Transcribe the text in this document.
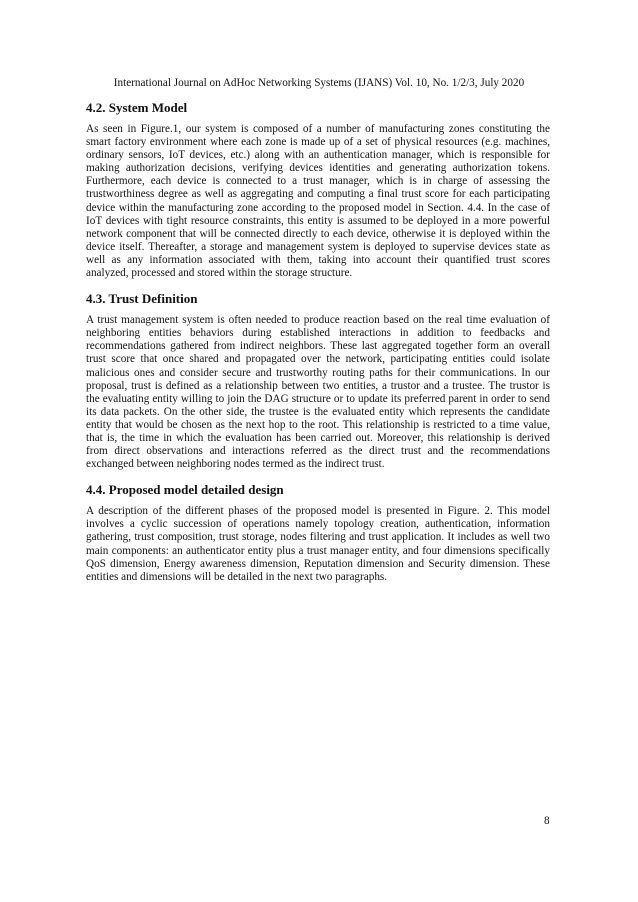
International Journal on AdHoc Networking Systems (IJANS) Vol. 10, No. 1/2/3, July 2020
4.2. System Model

As seen in Figure.1, our system is composed of a number of manufacturing zones constituting the smart factory environment where each zone is made up of a set of physical resources (e.g. machines, ordinary sensors, IoT devices, etc.) along with an authentication manager, which is responsible for making authorization decisions, verifying devices identities and generating authorization tokens. Furthermore, each device is connected to a trust manager, which is in charge of assessing the trustworthiness degree as well as aggregating and computing a final trust score for each participating device within the manufacturing zone according to the proposed model in Section. 4.4. In the case of IoT devices with tight resource constraints, this entity is assumed to be deployed in a more powerful network component that will be connected directly to each device, otherwise it is deployed within the device itself. Thereafter, a storage and management system is deployed to supervise devices state as well as any information associated with them, taking into account their quantified trust scores analyzed, processed and stored within the storage structure.

4.3. Trust Definition

A trust management system is often needed to produce reaction based on the real time evaluation of neighboring entities behaviors during established interactions in addition to feedbacks and recommendations gathered from indirect neighbors. These last aggregated together form an overall trust score that once shared and propagated over the network, participating entities could isolate malicious ones and consider secure and trustworthy routing paths for their communications. In our proposal, trust is defined as a relationship between two entities, a trustor and a trustee. The trustor is the evaluating entity willing to join the DAG structure or to update its preferred parent in order to send its data packets. On the other side, the trustee is the evaluated entity which represents the candidate entity that would be chosen as the next hop to the root. This relationship is restricted to a time value, that is, the time in which the evaluation has been carried out. Moreover, this relationship is derived from direct observations and interactions referred as the direct trust and the recommendations exchanged between neighboring nodes termed as the indirect trust.

4.4. Proposed model detailed design

A description of the different phases of the proposed model is presented in Figure. 2. This model involves a cyclic succession of operations namely topology creation, authentication, information gathering, trust composition, trust storage, nodes filtering and trust application. It includes as well two main components: an authenticator entity plus a trust manager entity, and four dimensions specifically QoS dimension, Energy awareness dimension, Reputation dimension and Security dimension. These entities and dimensions will be detailed in the next two paragraphs.

8
